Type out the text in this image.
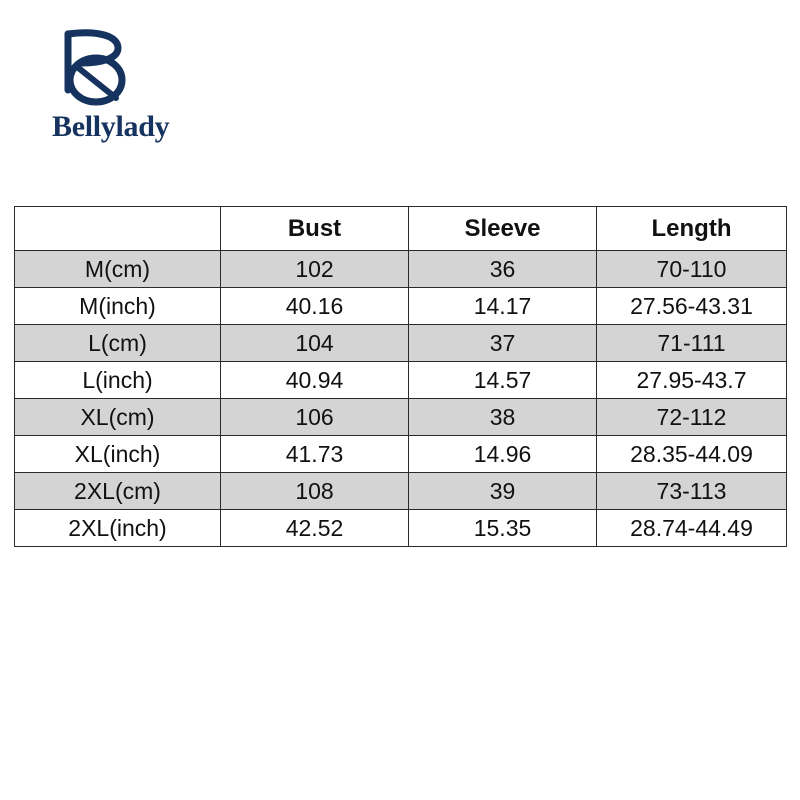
Bellylady
	Bust	Sleeve	Length
M(cm)	102	36	70-110
M(inch)	40.16	14.17	27.56-43.31
L(cm)	104	37	71-111
L(inch)	40.94	14.57	27.95-43.7
XL(cm)	106	38	72-112
XL(inch)	41.73	14.96	28.35-44.09
2XL(cm)	108	39	73-113
2XL(inch)	42.52	15.35	28.74-44.49
